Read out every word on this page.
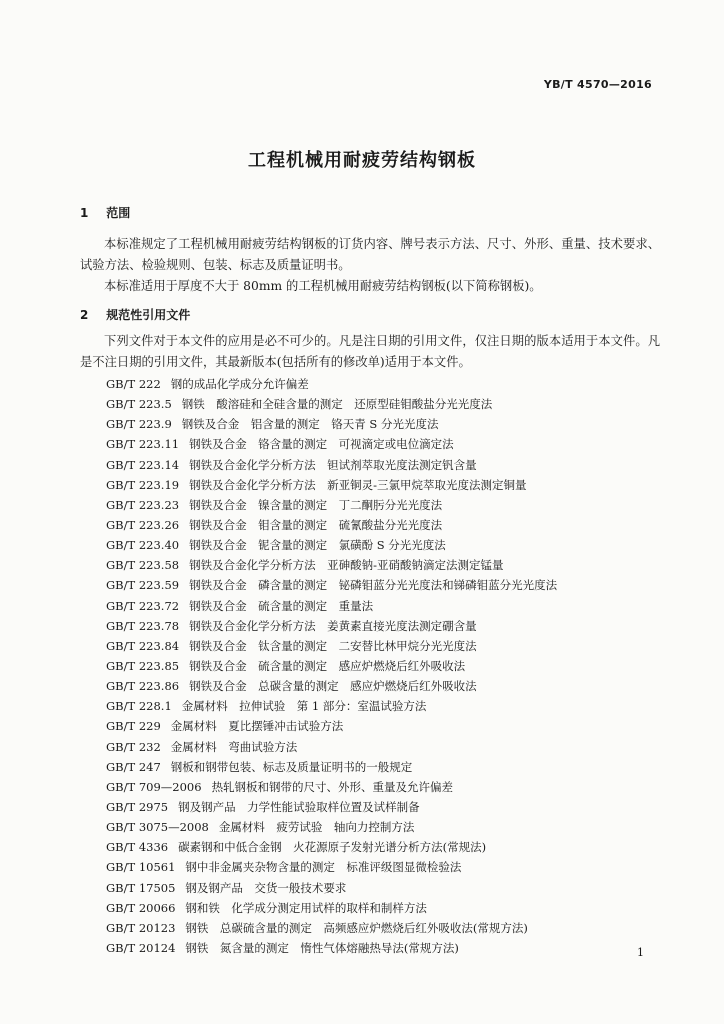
YB/T 4570—2016
工程机械用耐疲劳结构钢板
1 范围
本标准规定了工程机械用耐疲劳结构钢板的订货内容、牌号表示方法、尺寸、外形、重量、技术要求、试验方法、检验规则、包装、标志及质量证明书。
本标准适用于厚度不大于 80mm 的工程机械用耐疲劳结构钢板(以下简称钢板)。
2 规范性引用文件
下列文件对于本文件的应用是必不可少的。凡是注日期的引用文件，仅注日期的版本适用于本文件。凡是不注日期的引用文件，其最新版本(包括所有的修改单)适用于本文件。
GB/T 222 钢的成品化学成分允许偏差
GB/T 223.5 钢铁　酸溶硅和全硅含量的测定　还原型硅钼酸盐分光光度法
GB/T 223.9 钢铁及合金　铝含量的测定　铬天青 S 分光光度法
GB/T 223.11 钢铁及合金　铬含量的测定　可视滴定或电位滴定法
GB/T 223.14 钢铁及合金化学分析方法　钽试剂萃取光度法测定钒含量
GB/T 223.19 钢铁及合金化学分析方法　新亚铜灵-三氯甲烷萃取光度法测定铜量
GB/T 223.23 钢铁及合金　镍含量的测定　丁二酮肟分光光度法
GB/T 223.26 钢铁及合金　钼含量的测定　硫氰酸盐分光光度法
GB/T 223.40 钢铁及合金　铌含量的测定　氯磺酚 S 分光光度法
GB/T 223.58 钢铁及合金化学分析方法　亚砷酸钠-亚硝酸钠滴定法测定锰量
GB/T 223.59 钢铁及合金　磷含量的测定　铋磷钼蓝分光光度法和锑磷钼蓝分光光度法
GB/T 223.72 钢铁及合金　硫含量的测定　重量法
GB/T 223.78 钢铁及合金化学分析方法　姜黄素直接光度法测定硼含量
GB/T 223.84 钢铁及合金　钛含量的测定　二安替比林甲烷分光光度法
GB/T 223.85 钢铁及合金　硫含量的测定　感应炉燃烧后红外吸收法
GB/T 223.86 钢铁及合金　总碳含量的测定　感应炉燃烧后红外吸收法
GB/T 228.1 金属材料　拉伸试验　第 1 部分：室温试验方法
GB/T 229 金属材料　夏比摆锤冲击试验方法
GB/T 232 金属材料　弯曲试验方法
GB/T 247 钢板和钢带包装、标志及质量证明书的一般规定
GB/T 709—2006 热轧钢板和钢带的尺寸、外形、重量及允许偏差
GB/T 2975 钢及钢产品　力学性能试验取样位置及试样制备
GB/T 3075—2008 金属材料　疲劳试验　轴向力控制方法
GB/T 4336 碳素钢和中低合金钢　火花源原子发射光谱分析方法(常规法)
GB/T 10561 钢中非金属夹杂物含量的测定　标准评级图显微检验法
GB/T 17505 钢及钢产品　交货一般技术要求
GB/T 20066 钢和铁　化学成分测定用试样的取样和制样方法
GB/T 20123 钢铁　总碳硫含量的测定　高频感应炉燃烧后红外吸收法(常规方法)
GB/T 20124 钢铁　氮含量的测定　惰性气体熔融热导法(常规方法)	1
